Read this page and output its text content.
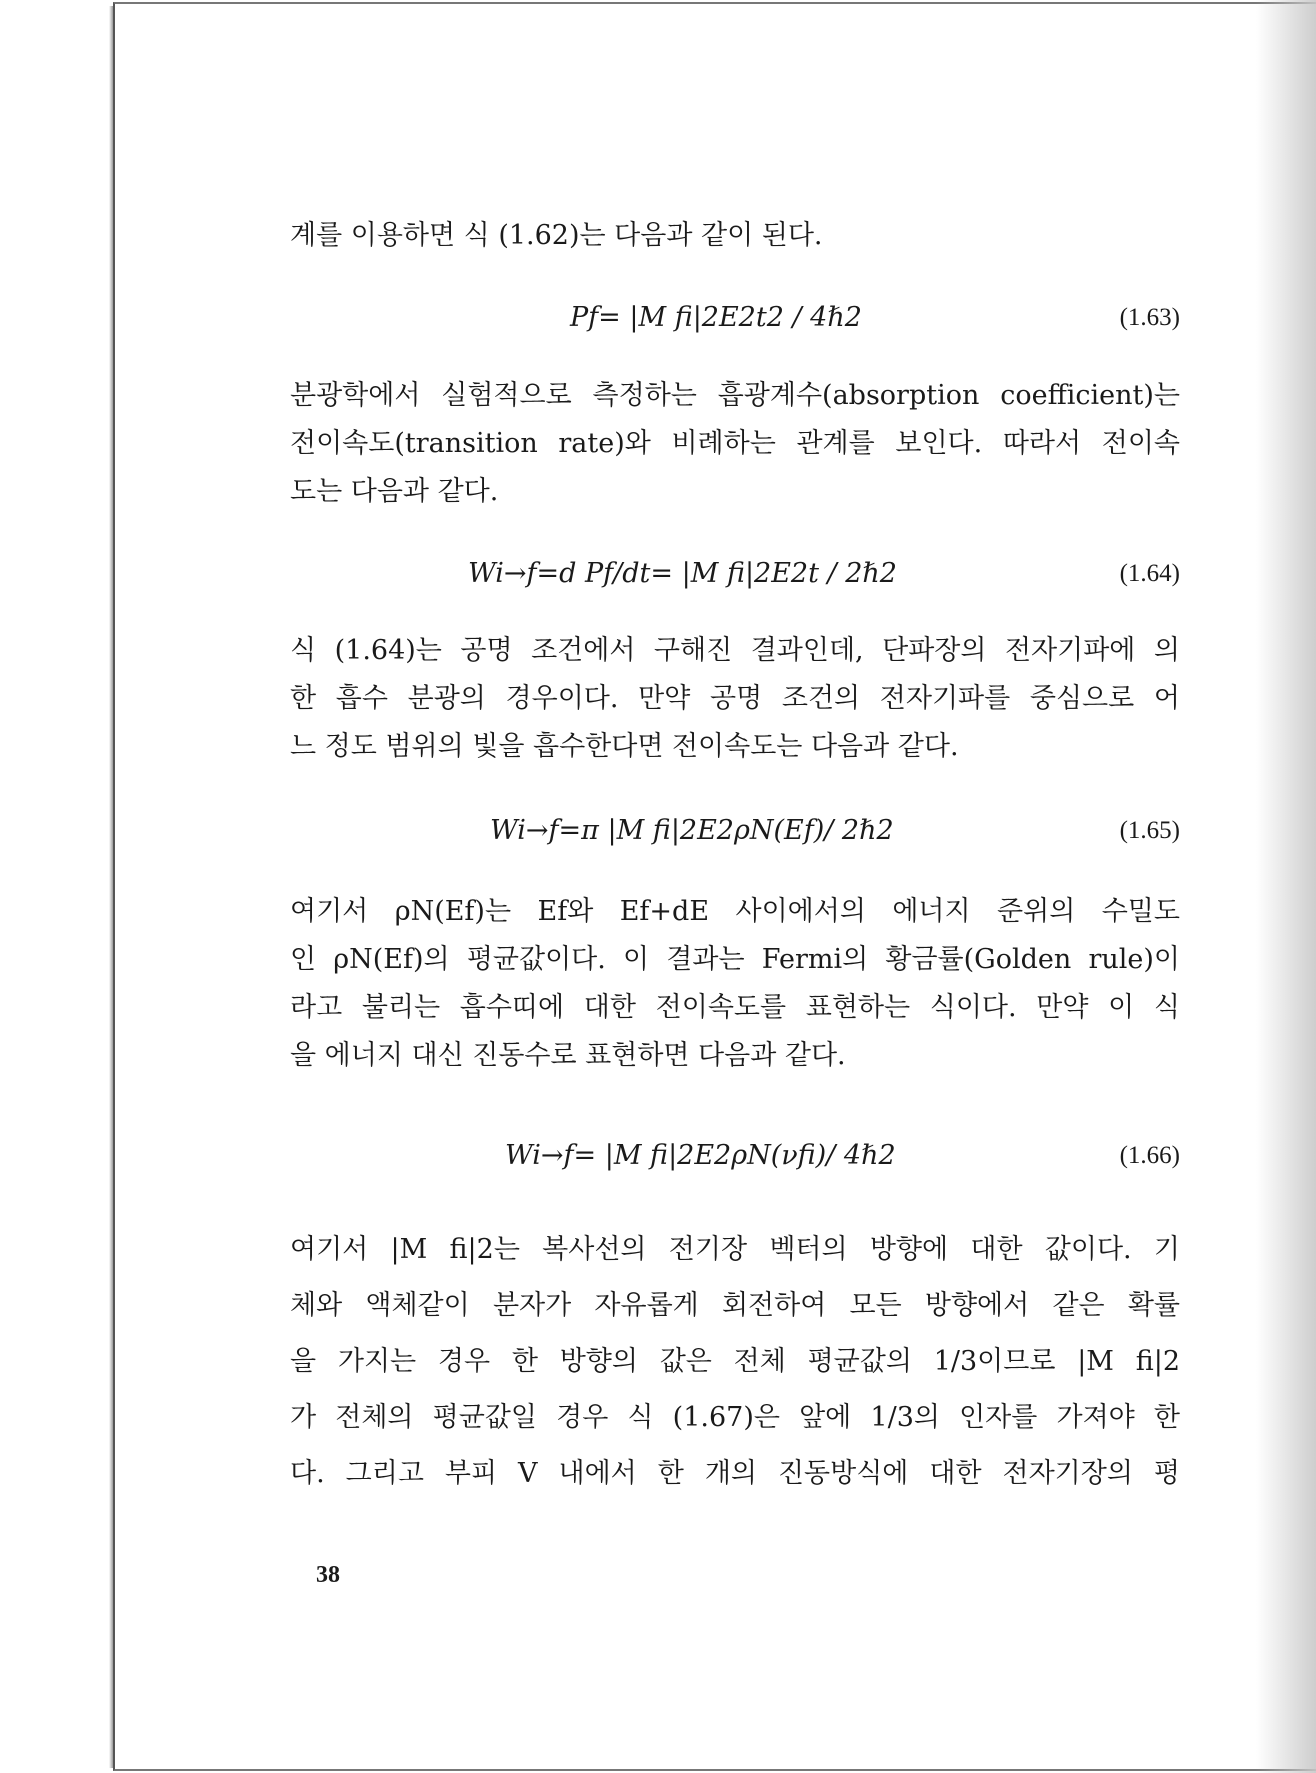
계를 이용하면 식 (1.62)는 다음과 같이 된다.
Pf= |M fi|2E2t2 / 4ℏ2	(1.63)
분광학에서 실험적으로 측정하는 흡광계수(absorption coefficient)는
전이속도(transition rate)와 비례하는 관계를 보인다. 따라서 전이속
도는 다음과 같다.
Wi→f=d Pf/dt= |M fi|2E2t / 2ℏ2	(1.64)
식 (1.64)는 공명 조건에서 구해진 결과인데, 단파장의 전자기파에 의
한 흡수 분광의 경우이다. 만약 공명 조건의 전자기파를 중심으로 어
느 정도 범위의 빛을 흡수한다면 전이속도는 다음과 같다.
Wi→f=π |M fi|2E2ρN(Ef)/ 2ℏ2	(1.65)
여기서 ρN(Ef)는 Ef와 Ef+dE 사이에서의 에너지 준위의 수밀도
인 ρN(Ef)의 평균값이다. 이 결과는 Fermi의 황금률(Golden rule)이
라고 불리는 흡수띠에 대한 전이속도를 표현하는 식이다. 만약 이 식
을 에너지 대신 진동수로 표현하면 다음과 같다.
Wi→f= |M fi|2E2ρN(νfi)/ 4ℏ2	(1.66)
여기서 |M fi|2는 복사선의 전기장 벡터의 방향에 대한 값이다. 기
체와 액체같이 분자가 자유롭게 회전하여 모든 방향에서 같은 확률
을 가지는 경우 한 방향의 값은 전체 평균값의 1/3이므로 |M fi|2
가 전체의 평균값일 경우 식 (1.67)은 앞에 1/3의 인자를 가져야 한
다. 그리고 부피 V 내에서 한 개의 진동방식에 대한 전자기장의 평
38
